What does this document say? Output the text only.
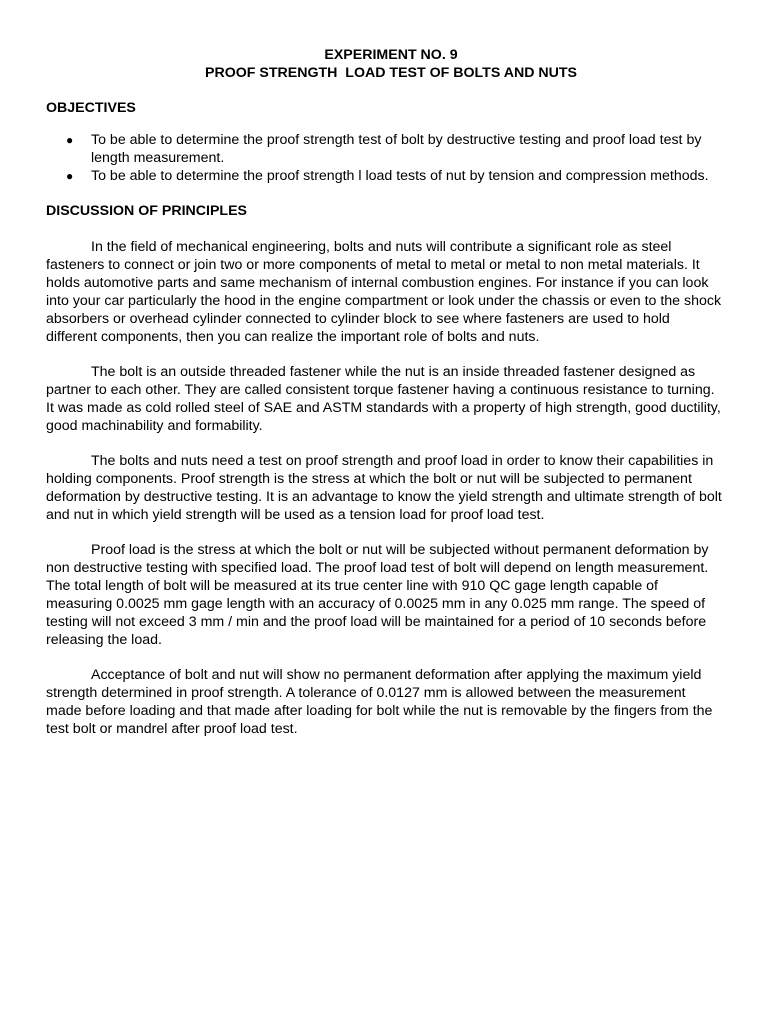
EXPERIMENT NO. 9
PROOF STRENGTH  LOAD TEST OF BOLTS AND NUTS
OBJECTIVES
● To be able to determine the proof strength test of bolt by destructive testing and proof load test by length measurement.
● To be able to determine the proof strength l load tests of nut by tension and compression methods.
DISCUSSION OF PRINCIPLES

In the field of mechanical engineering, bolts and nuts will contribute a significant role as steel fasteners to connect or join two or more components of metal to metal or metal to non metal materials. It holds automotive parts and same mechanism of internal combustion engines. For instance if you can look into your car particularly the hood in the engine compartment or look under the chassis or even to the shock absorbers or overhead cylinder connected to cylinder block to see where fasteners are used to hold different components, then you can realize the important role of bolts and nuts.

The bolt is an outside threaded fastener while the nut is an inside threaded fastener designed as partner to each other. They are called consistent torque fastener having a continuous resistance to turning. It was made as cold rolled steel of SAE and ASTM standards with a property of high strength, good ductility, good machinability and formability.

The bolts and nuts need a test on proof strength and proof load in order to know their capabilities in holding components. Proof strength is the stress at which the bolt or nut will be subjected to permanent deformation by destructive testing. It is an advantage to know the yield strength and ultimate strength of bolt and nut in which yield strength will be used as a tension load for proof load test.

Proof load is the stress at which the bolt or nut will be subjected without permanent deformation by non destructive testing with specified load. The proof load test of bolt will depend on length measurement. The total length of bolt will be measured at its true center line with 910 QC gage length capable of measuring 0.0025 mm gage length with an accuracy of 0.0025 mm in any 0.025 mm range. The speed of testing will not exceed 3 mm / min and the proof load will be maintained for a period of 10 seconds before releasing the load.

Acceptance of bolt and nut will show no permanent deformation after applying the maximum yield strength determined in proof strength. A tolerance of 0.0127 mm is allowed between the measurement made before loading and that made after loading for bolt while the nut is removable by the fingers from the test bolt or mandrel after proof load test.
